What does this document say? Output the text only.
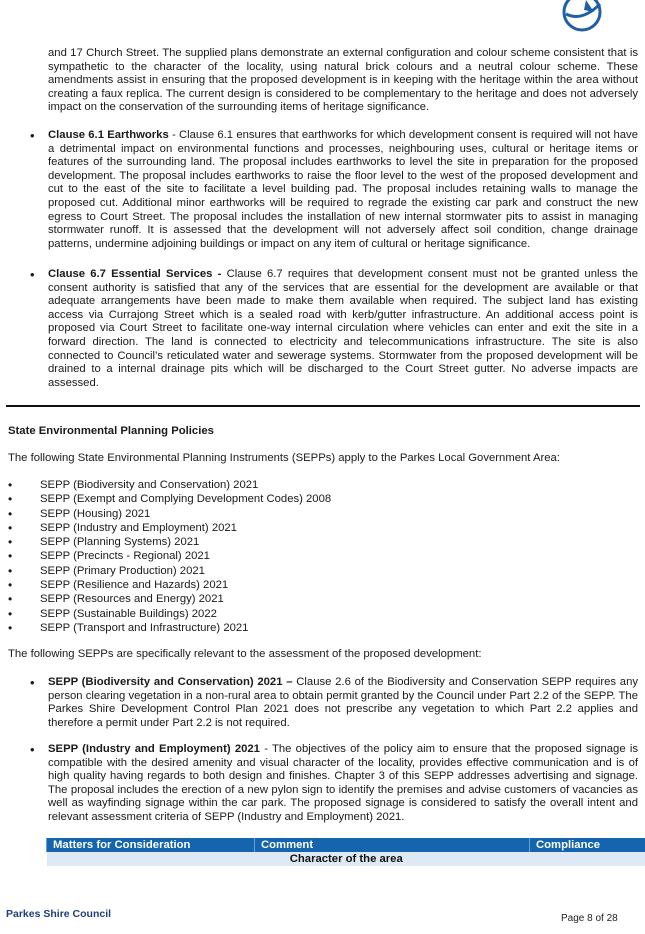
and 17 Church Street. The supplied plans demonstrate an external configuration and colour scheme consistent that is sympathetic to the character of the locality, using natural brick colours and a neutral colour scheme. These amendments assist in ensuring that the proposed development is in keeping with the heritage within the area without creating a faux replica. The current design is considered to be complementary to the heritage and does not adversely impact on the conservation of the surrounding items of heritage significance.

• Clause 6.1 Earthworks - Clause 6.1 ensures that earthworks for which development consent is required will not have a detrimental impact on environmental functions and processes, neighbouring uses, cultural or heritage items or features of the surrounding land. The proposal includes earthworks to level the site in preparation for the proposed development. The proposal includes earthworks to raise the floor level to the west of the proposed development and cut to the east of the site to facilitate a level building pad. The proposal includes retaining walls to manage the proposed cut. Additional minor earthworks will be required to regrade the existing car park and construct the new egress to Court Street. The proposal includes the installation of new internal stormwater pits to assist in managing stormwater runoff. It is assessed that the development will not adversely affect soil condition, change drainage patterns, undermine adjoining buildings or impact on any item of cultural or heritage significance.

• Clause 6.7 Essential Services - Clause 6.7 requires that development consent must not be granted unless the consent authority is satisfied that any of the services that are essential for the development are available or that adequate arrangements have been made to make them available when required. The subject land has existing access via Currajong Street which is a sealed road with kerb/gutter infrastructure. An additional access point is proposed via Court Street to facilitate one-way internal circulation where vehicles can enter and exit the site in a forward direction. The land is connected to electricity and telecommunications infrastructure. The site is also connected to Council’s reticulated water and sewerage systems. Stormwater from the proposed development will be drained to a internal drainage pits which will be discharged to the Court Street gutter. No adverse impacts are assessed.

State Environmental Planning Policies

The following State Environmental Planning Instruments (SEPPs) apply to the Parkes Local Government Area:

• SEPP (Biodiversity and Conservation) 2021
• SEPP (Exempt and Complying Development Codes) 2008
• SEPP (Housing) 2021
• SEPP (Industry and Employment) 2021
• SEPP (Planning Systems) 2021
• SEPP (Precincts - Regional) 2021
• SEPP (Primary Production) 2021
• SEPP (Resilience and Hazards) 2021
• SEPP (Resources and Energy) 2021
• SEPP (Sustainable Buildings) 2022
• SEPP (Transport and Infrastructure) 2021

The following SEPPs are specifically relevant to the assessment of the proposed development:

• SEPP (Biodiversity and Conservation) 2021 – Clause 2.6 of the Biodiversity and Conservation SEPP requires any person clearing vegetation in a non-rural area to obtain permit granted by the Council under Part 2.2 of the SEPP. The Parkes Shire Development Control Plan 2021 does not prescribe any vegetation to which Part 2.2 applies and therefore a permit under Part 2.2 is not required.

• SEPP (Industry and Employment) 2021 - The objectives of the policy aim to ensure that the proposed signage is compatible with the desired amenity and visual character of the locality, provides effective communication and is of high quality having regards to both design and finishes. Chapter 3 of this SEPP addresses advertising and signage. The proposal includes the erection of a new pylon sign to identify the premises and advise customers of vacancies as well as wayfinding signage within the car park. The proposed signage is considered to satisfy the overall intent and relevant assessment criteria of SEPP (Industry and Employment) 2021.

Matters for Consideration	Comment	Compliance
Character of the area

Parkes Shire Council	Page 8 of 28
